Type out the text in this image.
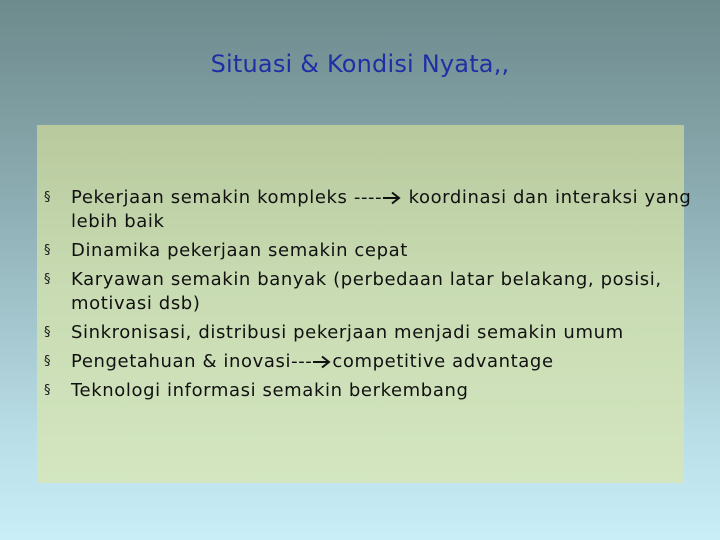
Situasi & Kondisi Nyata,,
§ Pekerjaan semakin kompleks ---- koordinasi dan interaksi yang lebih baik
§ Dinamika pekerjaan semakin cepat
§ Karyawan semakin banyak (perbedaan latar belakang, posisi, motivasi dsb)
§ Sinkronisasi, distribusi pekerjaan menjadi semakin umum
§ Pengetahuan & inovasi--- competitive advantage
§ Teknologi informasi semakin berkembang
